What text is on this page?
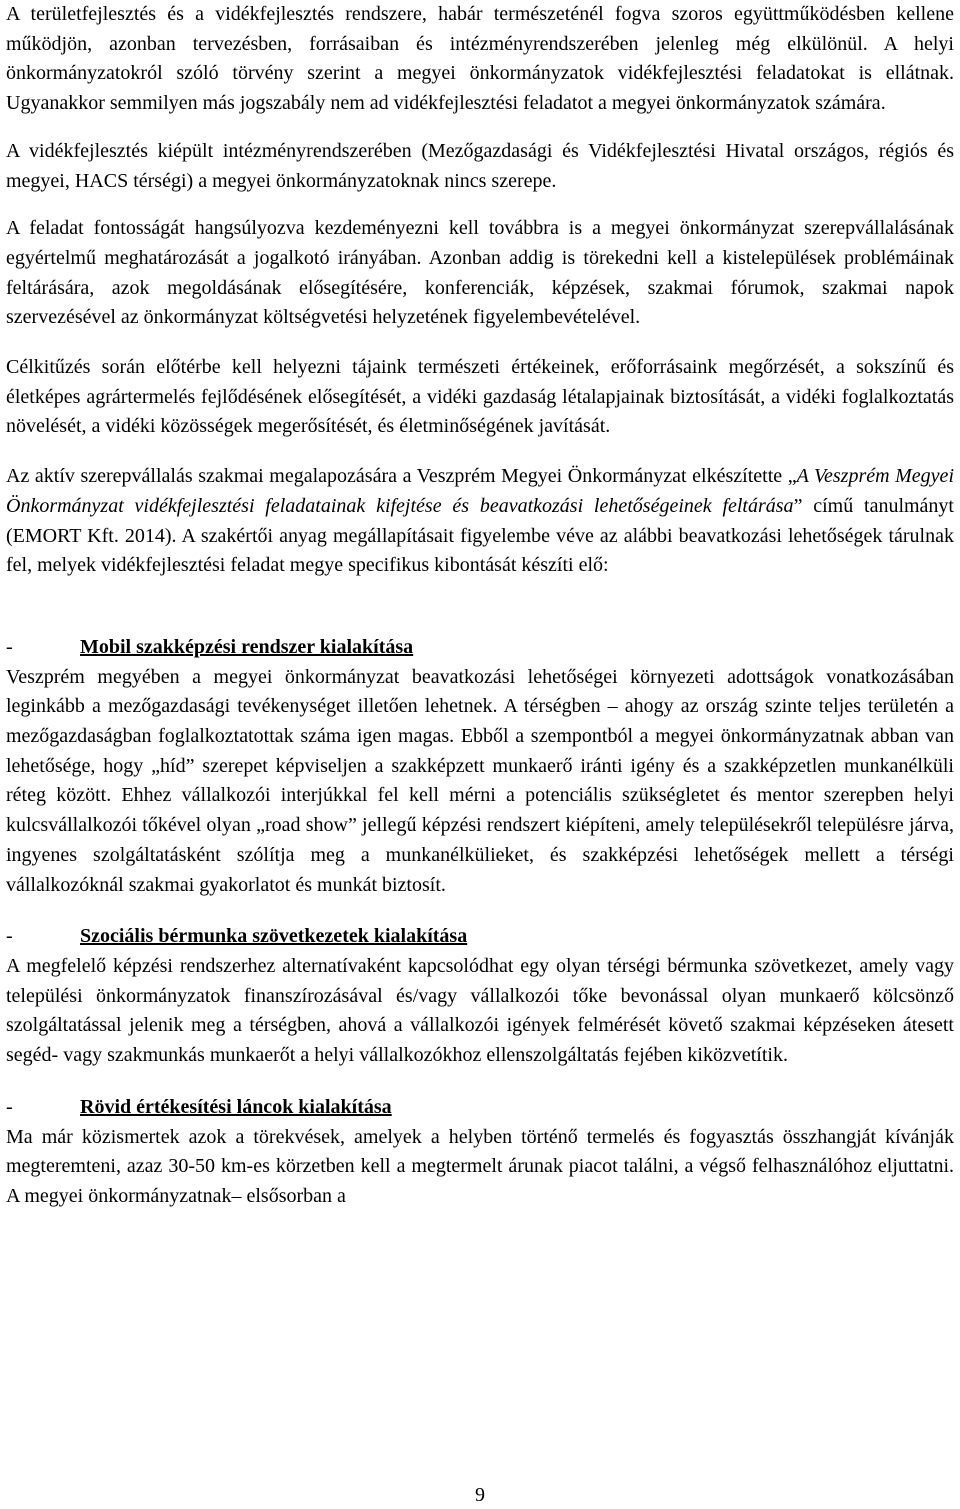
A területfejlesztés és a vidékfejlesztés rendszere, habár természeténél fogva szoros együttműködésben kellene működjön, azonban tervezésben, forrásaiban és intézményrendszerében jelenleg még elkülönül. A helyi önkormányzatokról szóló törvény szerint a megyei önkormányzatok vidékfejlesztési feladatokat is ellátnak. Ugyanakkor semmilyen más jogszabály nem ad vidékfejlesztési feladatot a megyei önkormányzatok számára.

A vidékfejlesztés kiépült intézményrendszerében (Mezőgazdasági és Vidékfejlesztési Hivatal országos, régiós és megyei, HACS térségi) a megyei önkormányzatoknak nincs szerepe.

A feladat fontosságát hangsúlyozva kezdeményezni kell továbbra is a megyei önkormányzat szerepvállalásának egyértelmű meghatározását a jogalkotó irányában. Azonban addig is törekedni kell a kistelepülések problémáinak feltárására, azok megoldásának elősegítésére, konferenciák, képzések, szakmai fórumok, szakmai napok szervezésével az önkormányzat költségvetési helyzetének figyelembevételével.

Célkitűzés során előtérbe kell helyezni tájaink természeti értékeinek, erőforrásaink megőrzését, a sokszínű és életképes agrártermelés fejlődésének elősegítését, a vidéki gazdaság létalapjainak biztosítását, a vidéki foglalkoztatás növelését, a vidéki közösségek megerősítését, és életminőségének javítását.

Az aktív szerepvállalás szakmai megalapozására a Veszprém Megyei Önkormányzat elkészítette „A Veszprém Megyei Önkormányzat vidékfejlesztési feladatainak kifejtése és beavatkozási lehetőségeinek feltárása” című tanulmányt (EMORT Kft. 2014). A szakértői anyag megállapításait figyelembe véve az alábbi beavatkozási lehetőségek tárulnak fel, melyek vidékfejlesztési feladat megye specifikus kibontását készíti elő:

-	Mobil szakképzési rendszer kialakítása

Veszprém megyében a megyei önkormányzat beavatkozási lehetőségei környezeti adottságok vonatkozásában leginkább a mezőgazdasági tevékenységet illetően lehetnek. A térségben – ahogy az ország szinte teljes területén a mezőgazdaságban foglalkoztatottak száma igen magas. Ebből a szempontból a megyei önkormányzatnak abban van lehetősége, hogy „híd” szerepet képviseljen a szakképzett munkaerő iránti igény és a szakképzetlen munkanélküli réteg között. Ehhez vállalkozói interjúkkal fel kell mérni a potenciális szükségletet és mentor szerepben helyi kulcsvállalkozói tőkével olyan „road show” jellegű képzési rendszert kiépíteni, amely településekről településre járva, ingyenes szolgáltatásként szólítja meg a munkanélkülieket, és szakképzési lehetőségek mellett a térségi vállalkozóknál szakmai gyakorlatot és munkát biztosít.

-	Szociális bérmunka szövetkezetek kialakítása

A megfelelő képzési rendszerhez alternatívaként kapcsolódhat egy olyan térségi bérmunka szövetkezet, amely vagy települési önkormányzatok finanszírozásával és/vagy vállalkozói tőke bevonással olyan munkaerő kölcsönző szolgáltatással jelenik meg a térségben, ahová a vállalkozói igények felmérését követő szakmai képzéseken átesett segéd- vagy szakmunkás munkaerőt a helyi vállalkozókhoz ellenszolgáltatás fejében kiközvetítik.

-	Rövid értékesítési láncok kialakítása

Ma már közismertek azok a törekvések, amelyek a helyben történő termelés és fogyasztás összhangját kívánják megteremteni, azaz 30-50 km-es körzetben kell a megtermelt árunak piacot találni, a végső felhasználóhoz eljuttatni. A megyei önkormányzatnak– elsősorban a

9
